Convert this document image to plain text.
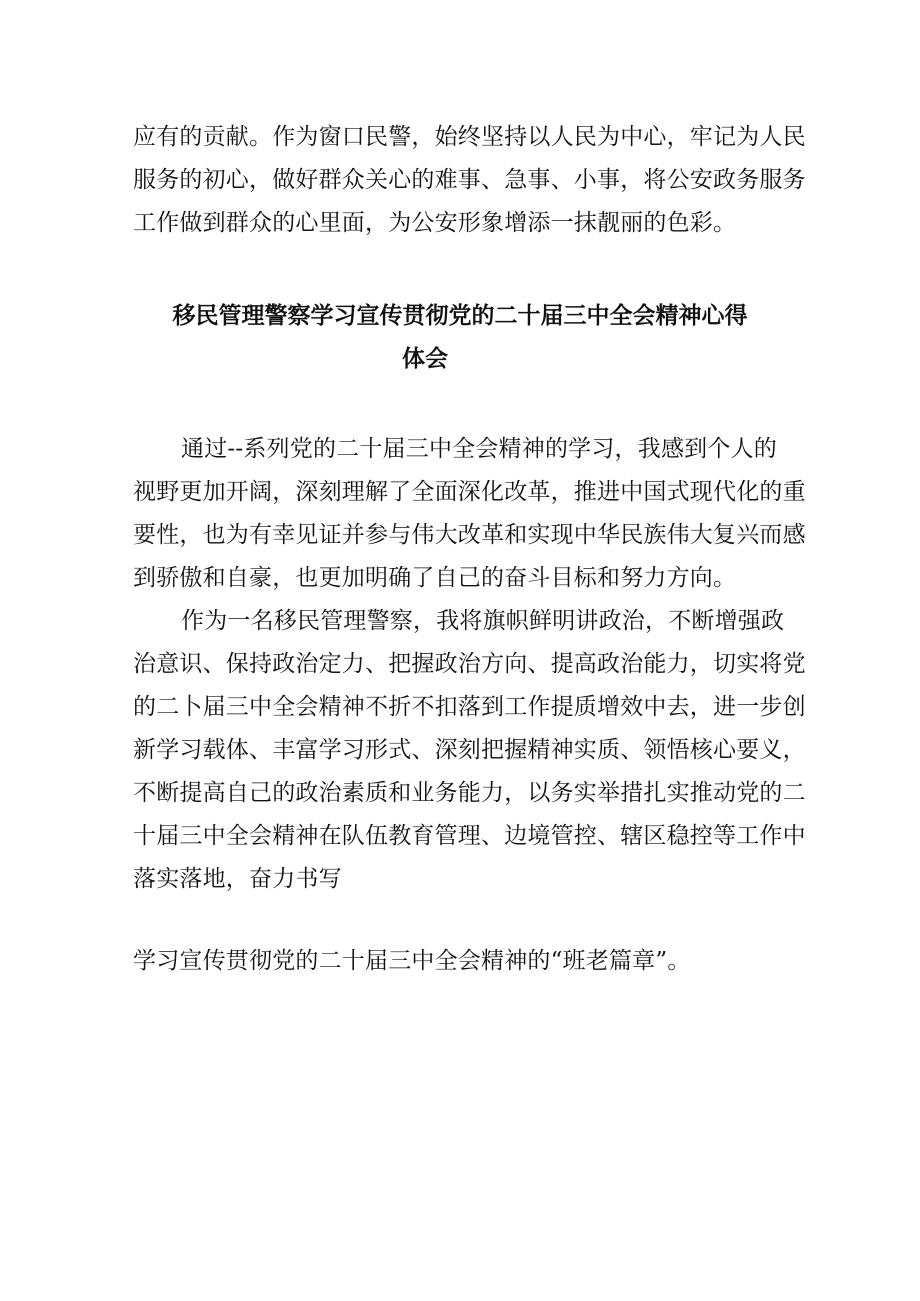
应有的贡献。作为窗口民警，始终坚持以人民为中心，牢记为人民
服务的初心，做好群众关心的难事、急事、小事，将公安政务服务
工作做到群众的心里面，为公安形象增添一抹靓丽的色彩。
移民管理警察学习宣传贯彻党的二十届三中全会精神心得
体会
通过--系列党的二十届三中全会精神的学习，我感到个人的
视野更加开阔，深刻理解了全面深化改革，推进中国式现代化的重
要性，也为有幸见证并参与伟大改革和实现中华民族伟大复兴而感
到骄傲和自豪，也更加明确了自己的奋斗目标和努力方向。
作为一名移民管理警察，我将旗帜鲜明讲政治，不断增强政
治意识、保持政治定力、把握政治方向、提高政治能力，切实将党
的二卜届三中全会精神不折不扣落到工作提质增效中去，进一步创
新学习载体、丰富学习形式、深刻把握精神实质、领悟核心要义，
不断提高自己的政治素质和业务能力，以务实举措扎实推动党的二
十届三中全会精神在队伍教育管理、边境管控、辖区稳控等工作中
落实落地，奋力书写
学习宣传贯彻党的二十届三中全会精神的“班老篇章”。
